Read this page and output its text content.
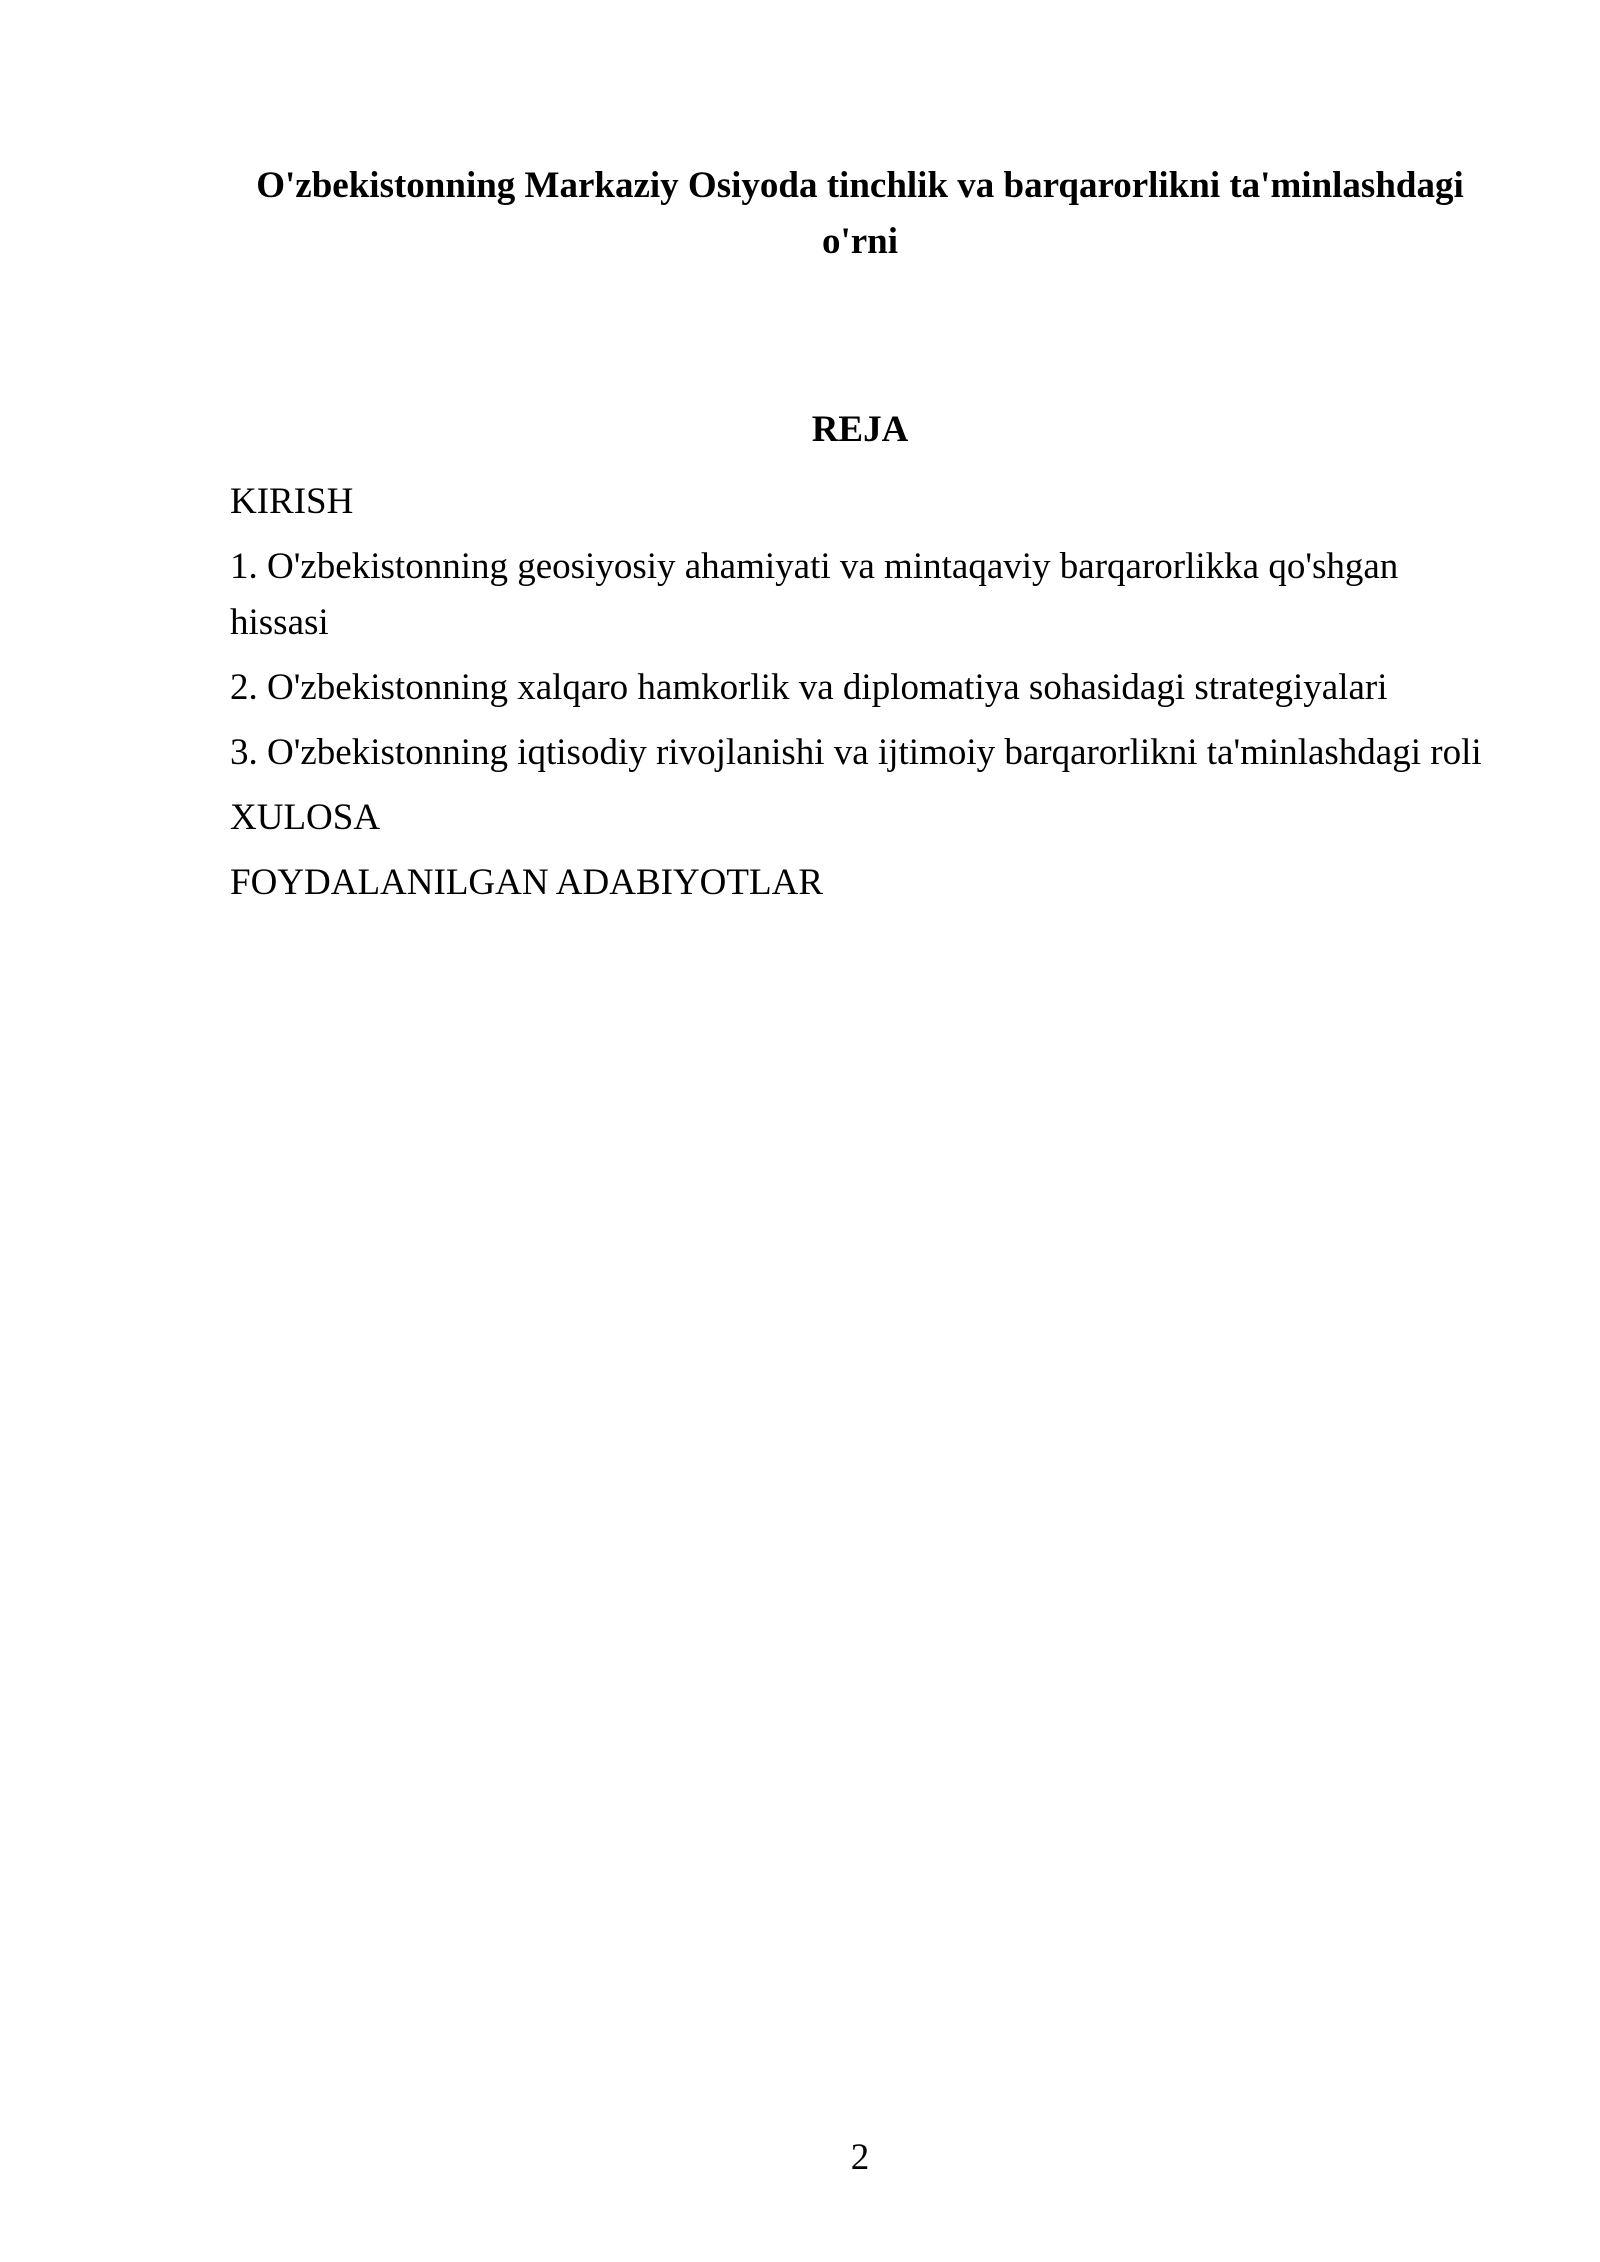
O'zbekistonning Markaziy Osiyoda tinchlik va barqarorlikni ta'minlashdagi o'rni
REJA
KIRISH
1. O'zbekistonning geosiyosiy ahamiyati va mintaqaviy barqarorlikka qo'shgan hissasi
2. O'zbekistonning xalqaro hamkorlik va diplomatiya sohasidagi strategiyalari
3. O'zbekistonning iqtisodiy rivojlanishi va ijtimoiy barqarorlikni ta'minlashdagi roli
XULOSA
FOYDALANILGAN ADABIYOTLAR
2
